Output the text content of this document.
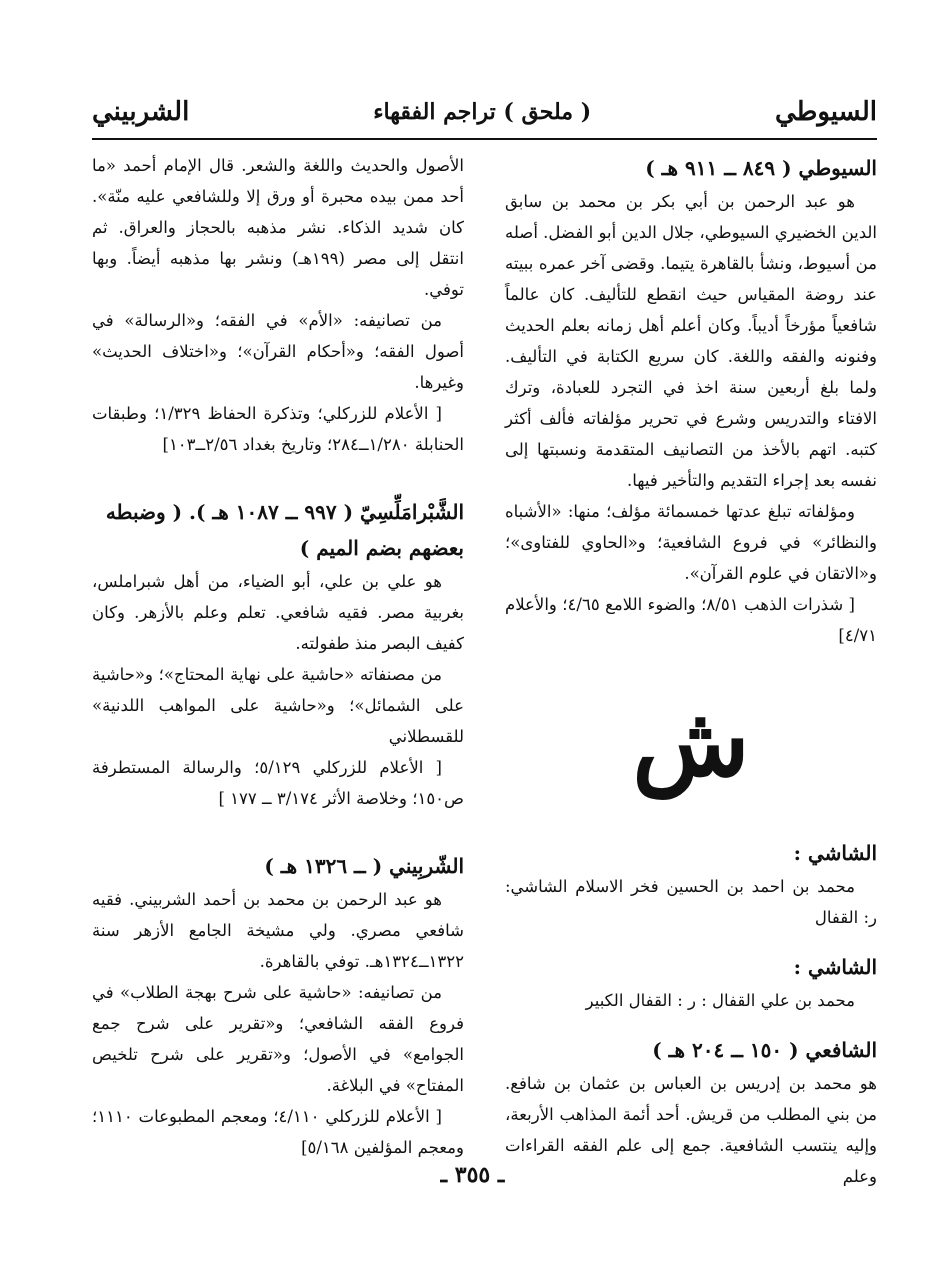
السيوطي
( ملحق ) تراجم الفقهاء
الشربيني
السيوطي ( ٨٤٩ ــ ٩١١ هـ )

هو عبد الرحمن بن أبي بكر بن محمد بن سابق الدين الخضيري السيوطي، جلال الدين أبو الفضل. أصله من أسيوط، ونشأ بالقاهرة يتيما. وقضى آخر عمره ببيته عند روضة المقياس حيث انقطع للتأليف. كان عالماً شافعياً مؤرخاً أديباً. وكان أعلم أهل زمانه بعلم الحديث وفنونه والفقه واللغة. كان سريع الكتابة في التأليف. ولما بلغ أربعين سنة اخذ في التجرد للعبادة، وترك الافتاء والتدريس وشرع في تحرير مؤلفاته فألف أكثر كتبه. اتهم بالأخذ من التصانيف المتقدمة ونسبتها إلى نفسه بعد إجراء التقديم والتأخير فيها.

ومؤلفاته تبلغ عدتها خمسمائة مؤلف؛ منها: «الأشباه والنظائر» في فروع الشافعية؛ و«الحاوي للفتاوى»؛ و«الاتقان في علوم القرآن».

[ شذرات الذهب ٨/٥١؛ والضوء اللامع ٤/٦٥؛ والأعلام ٤/٧١]

ش
الشاشي :

محمد بن احمد بن الحسين فخر الاسلام الشاشي: ر: القفال

الشاشي :

محمد بن علي القفال : ر : القفال الكبير

الشافعي ( ١٥٠ ــ ٢٠٤ هـ )

هو محمد بن إدريس بن العباس بن عثمان بن شافع. من بني المطلب من قريش. أحد أئمة المذاهب الأربعة، وإليه ينتسب الشافعية. جمع إلى علم الفقه القراءات وعلم

الأصول والحديث واللغة والشعر. قال الإمام أحمد «ما أحد ممن بيده محبرة أو ورق إلا وللشافعي عليه منّة». كان شديد الذكاء. نشر مذهبه بالحجاز والعراق. ثم انتقل إلى مصر (١٩٩هـ) ونشر بها مذهبه أيضاً. وبها توفي.

من تصانيفه: «الأم» في الفقه؛ و«الرسالة» في أصول الفقه؛ و«أحكام القرآن»؛ و«اختلاف الحديث» وغيرها.

[ الأعلام للزركلي؛ وتذكرة الحفاظ ١/٣٢٩؛ وطبقات الحنابلة ١/٢٨٠ــ٢٨٤؛ وتاريخ بغداد ٢/٥٦ــ١٠٣]

الشَّبْرامَلِّسِيّ ( ٩٩٧ ــ ١٠٨٧ هـ ). ( وضبطه بعضهم بضم الميم )

هو علي بن علي، أبو الضياء، من أهل شبراملس، بغربية مصر. فقيه شافعي. تعلم وعلم بالأزهر. وكان كفيف البصر منذ طفولته.

من مصنفاته «حاشية على نهاية المحتاج»؛ و«حاشية على الشمائل»؛ و«حاشية على المواهب اللدنية» للقسطلاني

[ الأعلام للزركلي ٥/١٢٩؛ والرسالة المستطرفة ص١٥٠؛ وخلاصة الأثر ٣/١٧٤ ــ ١٧٧ ]

الشّربِيني ( ــ ١٣٢٦ هـ )

هو عبد الرحمن بن محمد بن أحمد الشربيني. فقيه شافعي مصري. ولي مشيخة الجامع الأزهر سنة ١٣٢٢ــ١٣٢٤هـ. توفي بالقاهرة.

من تصانيفه: «حاشية على شرح بهجة الطلاب» في فروع الفقه الشافعي؛ و«تقرير على شرح جمع الجوامع» في الأصول؛ و«تقرير على شرح تلخيص المفتاح» في البلاغة.

[ الأعلام للزركلي ٤/١١٠؛ ومعجم المطبوعات ١١١٠؛ ومعجم المؤلفين ٥/١٦٨]

ـ ٣٥٥ ـ
